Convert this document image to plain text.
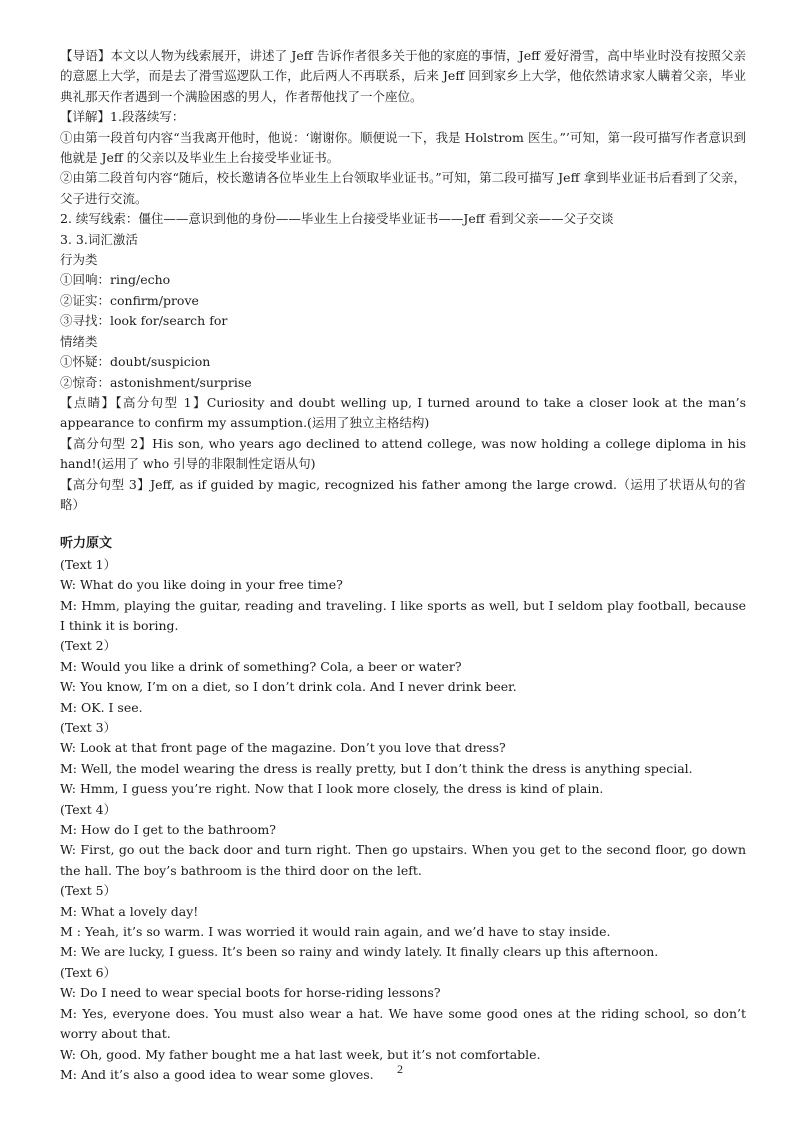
【导语】本文以人物为线索展开，讲述了 Jeff 告诉作者很多关于他的家庭的事情，Jeff 爱好滑雪，高中毕业时没有按照父亲的意愿上大学，而是去了滑雪巡逻队工作，此后两人不再联系，后来 Jeff 回到家乡上大学，他依然请求家人瞒着父亲，毕业典礼那天作者遇到一个满脸困惑的男人，作者帮他找了一个座位。

【详解】1.段落续写：

①由第一段首句内容“当我离开他时，他说：‘谢谢你。顺便说一下，我是 Holstrom 医生。”’可知，第一段可描写作者意识到他就是 Jeff 的父亲以及毕业生上台接受毕业证书。

②由第二段首句内容“随后，校长邀请各位毕业生上台领取毕业证书。”可知，第二段可描写 Jeff 拿到毕业证书后看到了父亲，父子进行交流。

2. 续写线索：僵住——意识到他的身份——毕业生上台接受毕业证书——Jeff 看到父亲——父子交谈

3. 3.词汇激活

行为类

①回响：ring/echo

②证实：confirm/prove

③寻找：look for/search for

情绪类

①怀疑：doubt/suspicion

②惊奇：astonishment/surprise

【点睛】【高分句型 1】Curiosity and doubt welling up, I turned around to take a closer look at the man’s appearance to confirm my assumption.(运用了独立主格结构)

【高分句型 2】His son, who years ago declined to attend college, was now holding a college diploma in his hand!(运用了 who 引导的非限制性定语从句)

【高分句型 3】Jeff, as if guided by magic, recognized his father among the large crowd.（运用了状语从句的省略）

听力原文

(Text 1）

W: What do you like doing in your free time?

M: Hmm, playing the guitar, reading and traveling. I like sports as well, but I seldom play football, because I think it is boring.

(Text 2）

M: Would you like a drink of something? Cola, a beer or water?

W: You know, I’m on a diet, so I don’t drink cola. And I never drink beer.

M: OK. I see.

(Text 3）

W: Look at that front page of the magazine. Don’t you love that dress?

M: Well, the model wearing the dress is really pretty, but I don’t think the dress is anything special.

W: Hmm, I guess you’re right. Now that I look more closely, the dress is kind of plain.

(Text 4）

M: How do I get to the bathroom?

W: First, go out the back door and turn right. Then go upstairs. When you get to the second floor, go down the hall. The boy’s bathroom is the third door on the left.

(Text 5）

M: What a lovely day!

M : Yeah, it’s so warm. I was worried it would rain again, and we’d have to stay inside.

M: We are lucky, I guess. It’s been so rainy and windy lately. It finally clears up this afternoon.

(Text 6）

W: Do I need to wear special boots for horse-riding lessons?

M: Yes, everyone does. You must also wear a hat. We have some good ones at the riding school, so don’t worry about that.

W: Oh, good. My father bought me a hat last week, but it’s not comfortable.

M: And it’s also a good idea to wear some gloves.	2
